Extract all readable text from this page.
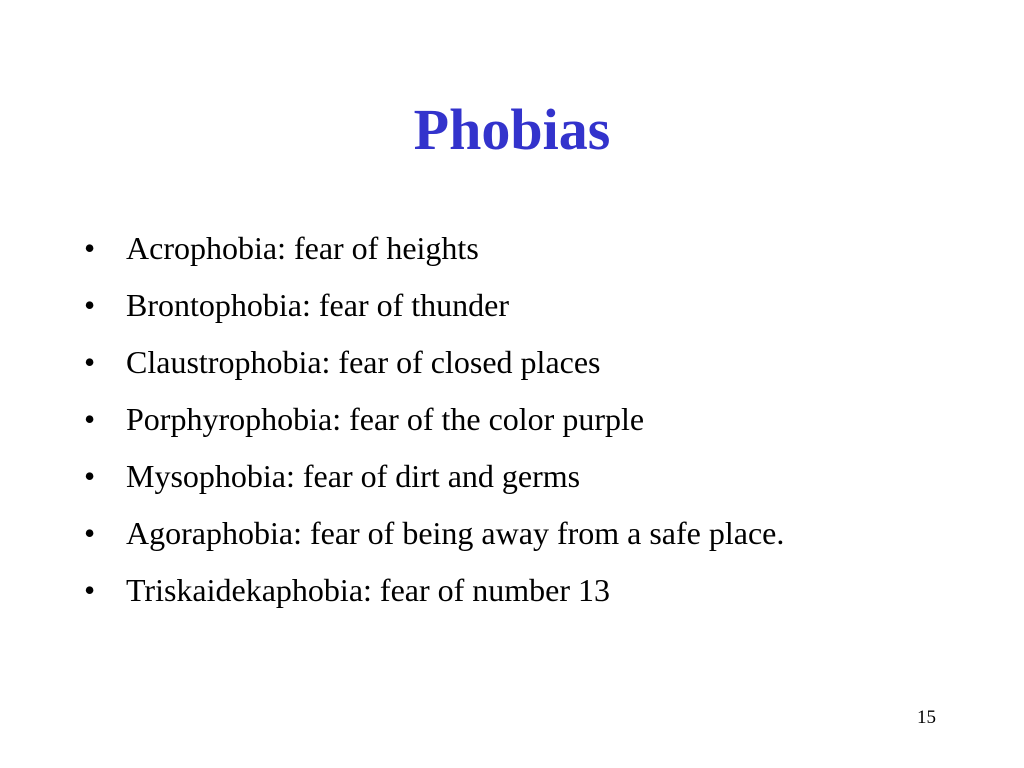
Phobias
• Acrophobia: fear of heights
• Brontophobia: fear of thunder
• Claustrophobia: fear of closed places
• Porphyrophobia: fear of the color purple
• Mysophobia: fear of dirt and germs
• Agoraphobia: fear of being away from a safe place.
• Triskaidekaphobia: fear of number 13
15
